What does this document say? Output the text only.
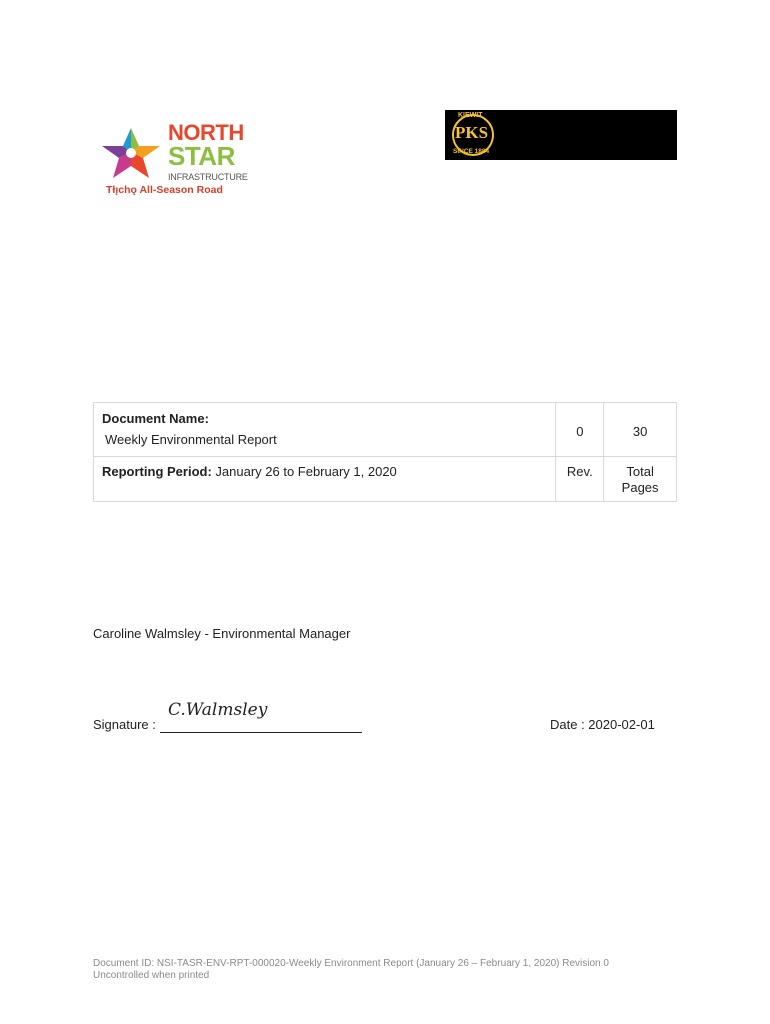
NORTH
STAR
INFRASTRUCTURE
Tłı̨chǫ All-Season Road
KIEWIT
PKS
SINCE 1884
Document Name:
Weekly Environmental Report	0	30

Reporting Period: January 26 to February 1, 2020	Rev.	Total
Pages
Caroline Walmsley - Environmental Manager
Signature :
C.Walmsley
Date : 2020-02-01
Document ID: NSI-TASR-ENV-RPT-000020-Weekly Environment Report (January 26 – February 1, 2020) Revision 0
Uncontrolled when printed
